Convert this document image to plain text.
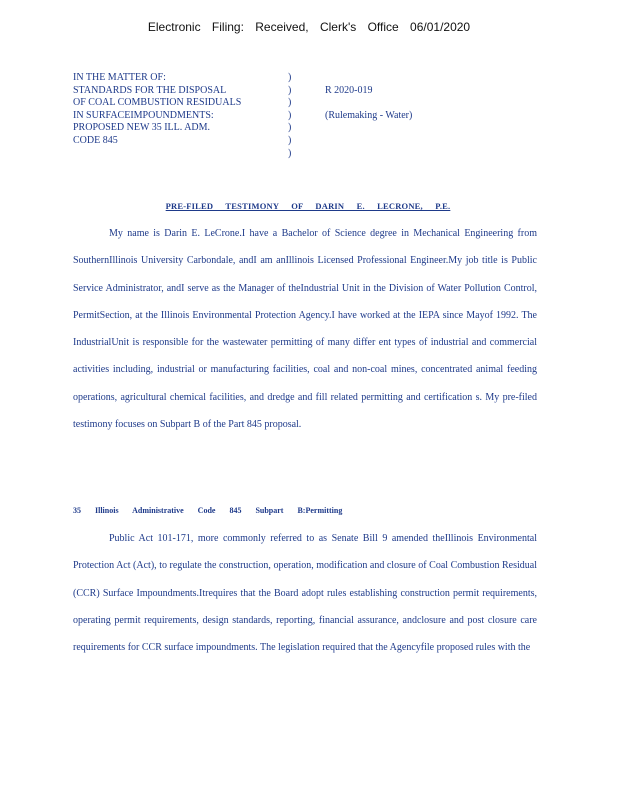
Electronic Filing: Received, Clerk's Office 06/01/2020
IN THE MATTER OF:
STANDARDS FOR THE DISPOSAL
OF COAL COMBUSTION RESIDUALS
IN SURFACEIMPOUNDMENTS:
PROPOSED NEW 35 ILL. ADM.
CODE 845
)
)
)
)
)
)
)

R 2020-019

(Rulemaking - Water)
PRE-FILED TESTIMONY OF DARIN E. LECRONE, P.E.

My name is Darin E. LeCrone.I have a Bachelor of Science degree in Mechanical Engineering from SouthernIllinois University Carbondale, andI am anIllinois Licensed Professional Engineer.My job title is Public Service Administrator, andI serve as the Manager of theIndustrial Unit in the Division of Water Pollution Control, PermitSection, at the Illinois Environmental Protection Agency.I have worked at the IEPA since Mayof 1992. The IndustrialUnit is responsible for the wastewater permitting of many differ ent types of industrial and commercial activities including, industrial or manufacturing facilities, coal and non-coal mines, concentrated animal feeding operations, agricultural chemical facilities, and dredge and fill related permitting and certification s. My pre-filed testimony focuses on Subpart B of the Part 845 proposal.

35 Illinois Administrative Code 845 Subpart B:Permitting

Public Act 101-171, more commonly referred to as Senate Bill 9 amended theIllinois Environmental Protection Act (Act), to regulate the construction, operation, modification and closure of Coal Combustion Residual (CCR) Surface Impoundments.Itrequires that the Board adopt rules establishing construction permit requirements, operating permit requirements, design standards, reporting, financial assurance, andclosure and post closure care requirements for CCR surface impoundments. The legislation required that the Agencyfile proposed rules with the
